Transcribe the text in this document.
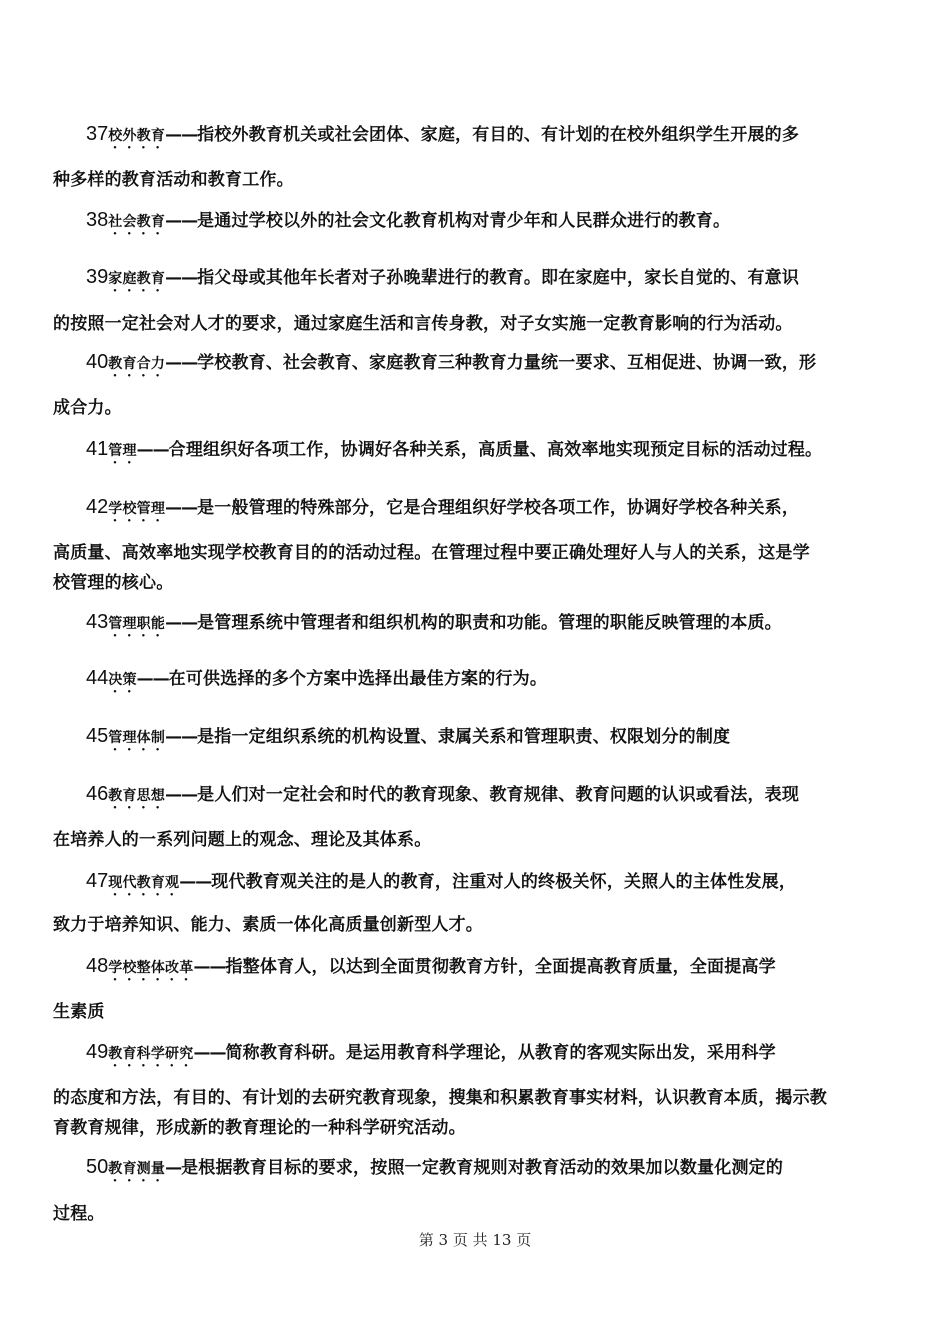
37校外教育——指校外教育机关或社会团体、家庭，有目的、有计划的在校外组织学生开展的多
种多样的教育活动和教育工作。
38社会教育——是通过学校以外的社会文化教育机构对青少年和人民群众进行的教育。
39家庭教育——指父母或其他年长者对子孙晚辈进行的教育。即在家庭中，家长自觉的、有意识
的按照一定社会对人才的要求，通过家庭生活和言传身教，对子女实施一定教育影响的行为活动。
40教育合力——学校教育、社会教育、家庭教育三种教育力量统一要求、互相促进、协调一致，形
成合力。
41管理——合理组织好各项工作，协调好各种关系，高质量、高效率地实现预定目标的活动过程。
42学校管理——是一般管理的特殊部分，它是合理组织好学校各项工作，协调好学校各种关系，
高质量、高效率地实现学校教育目的的活动过程。在管理过程中要正确处理好人与人的关系，这是学
校管理的核心。
43管理职能——是管理系统中管理者和组织机构的职责和功能。管理的职能反映管理的本质。
44决策——在可供选择的多个方案中选择出最佳方案的行为。
45管理体制——是指一定组织系统的机构设置、隶属关系和管理职责、权限划分的制度
46教育思想——是人们对一定社会和时代的教育现象、教育规律、教育问题的认识或看法，表现
在培养人的一系列问题上的观念、理论及其体系。
47现代教育观——现代教育观关注的是人的教育，注重对人的终极关怀，关照人的主体性发展，
致力于培养知识、能力、素质一体化高质量创新型人才。
48学校整体改革——指整体育人，以达到全面贯彻教育方针，全面提高教育质量，全面提高学
生素质
49教育科学研究——简称教育科研。是运用教育科学理论，从教育的客观实际出发，采用科学
的态度和方法，有目的、有计划的去研究教育现象，搜集和积累教育事实材料，认识教育本质，揭示教
育教育规律，形成新的教育理论的一种科学研究活动。
50教育测量—是根据教育目标的要求，按照一定教育规则对教育活动的效果加以数量化测定的
过程。
第 3 页 共 13 页
